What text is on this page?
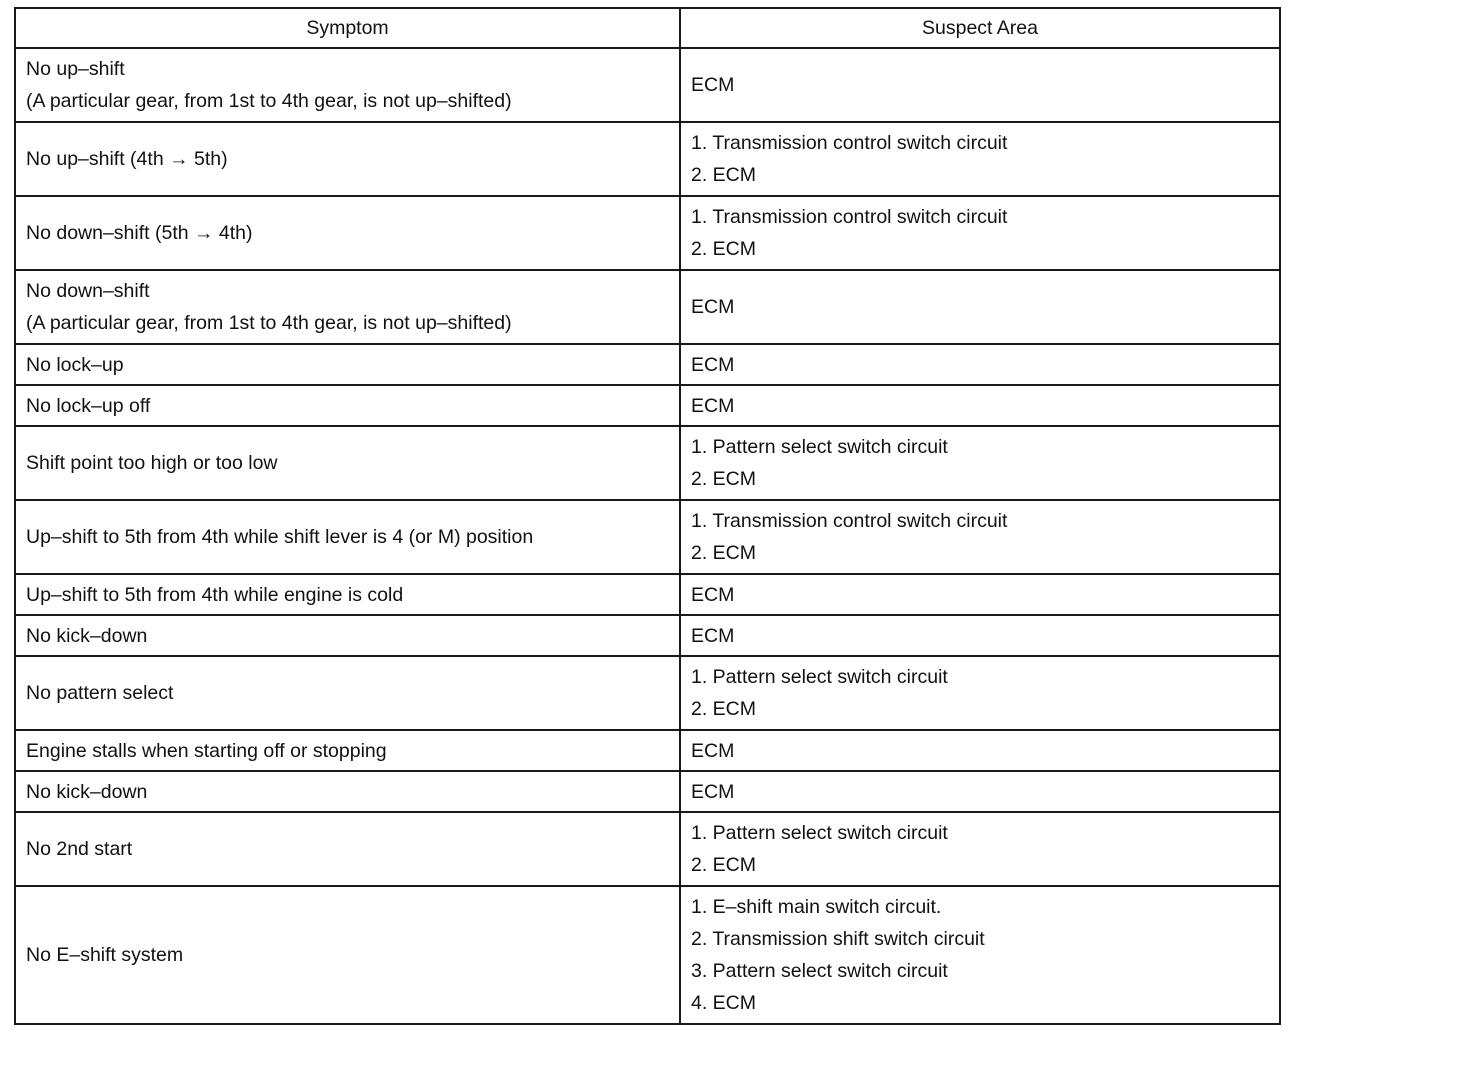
Symptom	Suspect Area

No up–shift
(A particular gear, from 1st to 4th gear, is not up–shifted)	ECM

No up–shift (4th → 5th)	1. Transmission control switch circuit
2. ECM

No down–shift (5th → 4th)	1. Transmission control switch circuit
2. ECM

No down–shift
(A particular gear, from 1st to 4th gear, is not up–shifted)	ECM

No lock–up	ECM

No lock–up off	ECM

Shift point too high or too low	1. Pattern select switch circuit
2. ECM

Up–shift to 5th from 4th while shift lever is 4 (or M) position	1. Transmission control switch circuit
2. ECM

Up–shift to 5th from 4th while engine is cold	ECM

No kick–down	ECM

No pattern select	1. Pattern select switch circuit
2. ECM

Engine stalls when starting off or stopping	ECM

No kick–down	ECM

No 2nd start	1. Pattern select switch circuit
2. ECM

No E–shift system	1. E–shift main switch circuit.
2. Transmission shift switch circuit
3. Pattern select switch circuit
4. ECM
